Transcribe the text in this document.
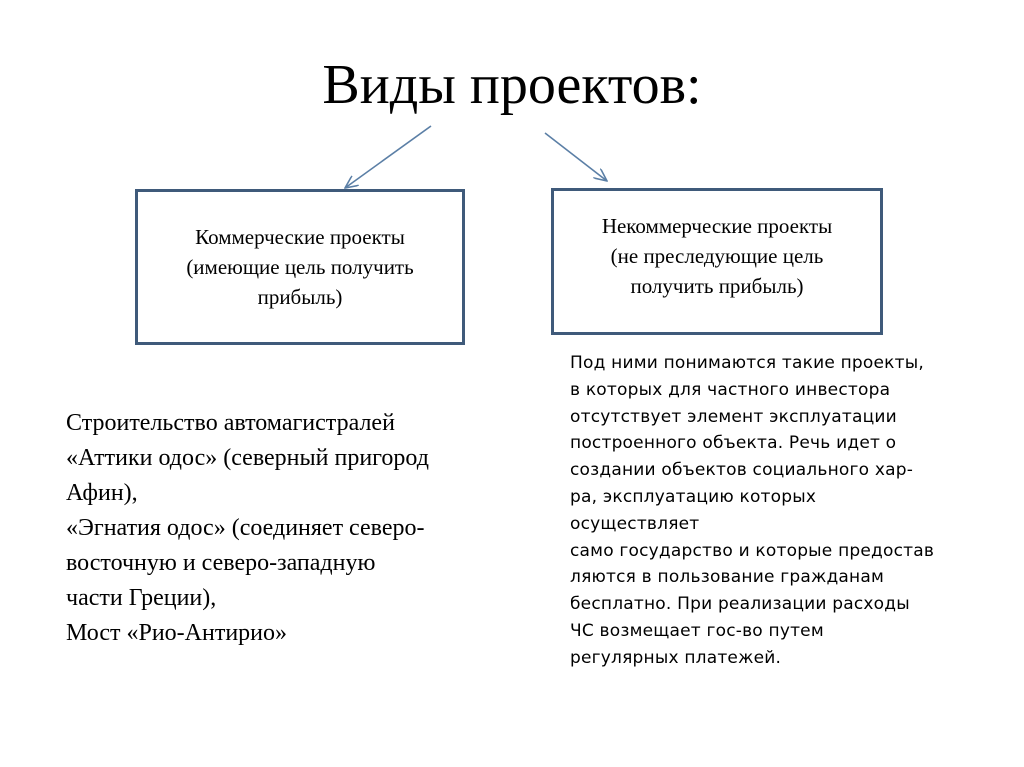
Виды проектов:
Коммерческие проекты
(имеющие цель получить
прибыль)
Некоммерческие проекты
(не преследующие цель
получить прибыль)
Строительство автомагистралей
«Аттики одос» (северный пригород
Афин),
«Эгнатия одос» (соединяет северо-
восточную и северо-западную
части Греции),
Мост «Рио-Антирио»
Под ними понимаются такие проекты,
в которых для частного инвестора
отсутствует элемент эксплуатации
построенного объекта. Речь идет о
создании объектов социального хар-
ра, эксплуатацию которых
осуществляет
само государство и которые предостав
ляются в пользование гражданам
бесплатно. При реализации расходы
ЧС возмещает гос-во путем
регулярных платежей.
